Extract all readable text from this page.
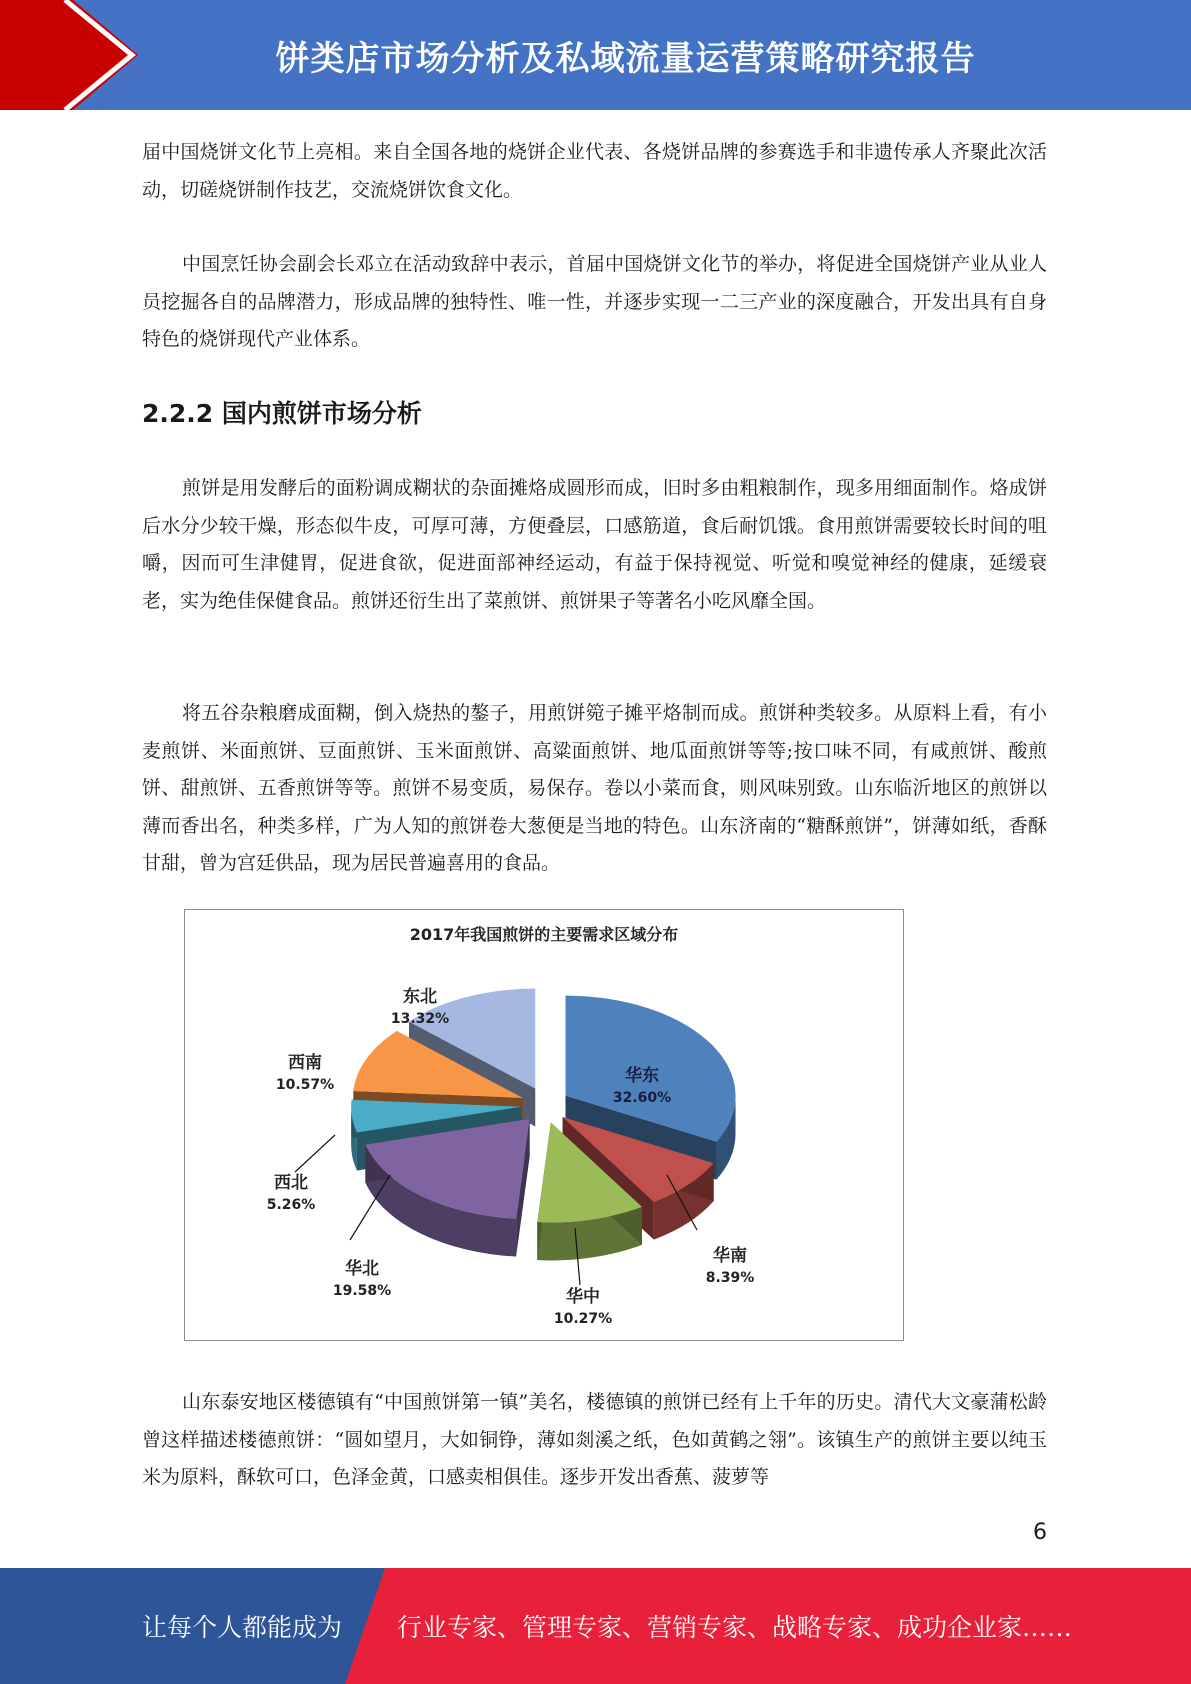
饼类店市场分析及私域流量运营策略研究报告

届中国烧饼文化节上亮相。来自全国各地的烧饼企业代表、各烧饼品牌的参赛选手和非遗传承人齐聚此次活动，切磋烧饼制作技艺，交流烧饼饮食文化。

中国烹饪协会副会长邓立在活动致辞中表示，首届中国烧饼文化节的举办，将促进全国烧饼产业从业人员挖掘各自的品牌潜力，形成品牌的独特性、唯一性，并逐步实现一二三产业的深度融合，开发出具有自身特色的烧饼现代产业体系。

2.2.2 国内煎饼市场分析

煎饼是用发酵后的面粉调成糊状的杂面摊烙成圆形而成，旧时多由粗粮制作，现多用细面制作。烙成饼后水分少较干燥，形态似牛皮，可厚可薄，方便叠层，口感筋道，食后耐饥饿。食用煎饼需要较长时间的咀嚼，因而可生津健胃，促进食欲，促进面部神经运动，有益于保持视觉、听觉和嗅觉神经的健康，延缓衰老，实为绝佳保健食品。煎饼还衍生出了菜煎饼、煎饼果子等著名小吃风靡全国。

将五谷杂粮磨成面糊，倒入烧热的鏊子，用煎饼箢子摊平烙制而成。煎饼种类较多。从原料上看，有小麦煎饼、米面煎饼、豆面煎饼、玉米面煎饼、高粱面煎饼、地瓜面煎饼等等;按口味不同，有咸煎饼、酸煎饼、甜煎饼、五香煎饼等等。煎饼不易变质，易保存。卷以小菜而食，则风味别致。山东临沂地区的煎饼以薄而香出名，种类多样，广为人知的煎饼卷大葱便是当地的特色。山东济南的“糖酥煎饼”，饼薄如纸，香酥甘甜，曾为宫廷供品，现为居民普遍喜用的食品。

2017年我国煎饼的主要需求区域分布
华东
32.60%
华南
8.39%
华中
10.27%
华北
19.58%
西北
5.26%
西南
10.57%
东北
13.32%

山东泰安地区楼德镇有“中国煎饼第一镇”美名，楼德镇的煎饼已经有上千年的历史。清代大文豪蒲松龄曾这样描述楼德煎饼：“圆如望月，大如铜铮，薄如剡溪之纸，色如黄鹤之翎”。该镇生产的煎饼主要以纯玉米为原料，酥软可口，色泽金黄，口感卖相俱佳。逐步开发出香蕉、菠萝等

6
让每个人都能成为 行业专家、管理专家、营销专家、战略专家、成功企业家……
